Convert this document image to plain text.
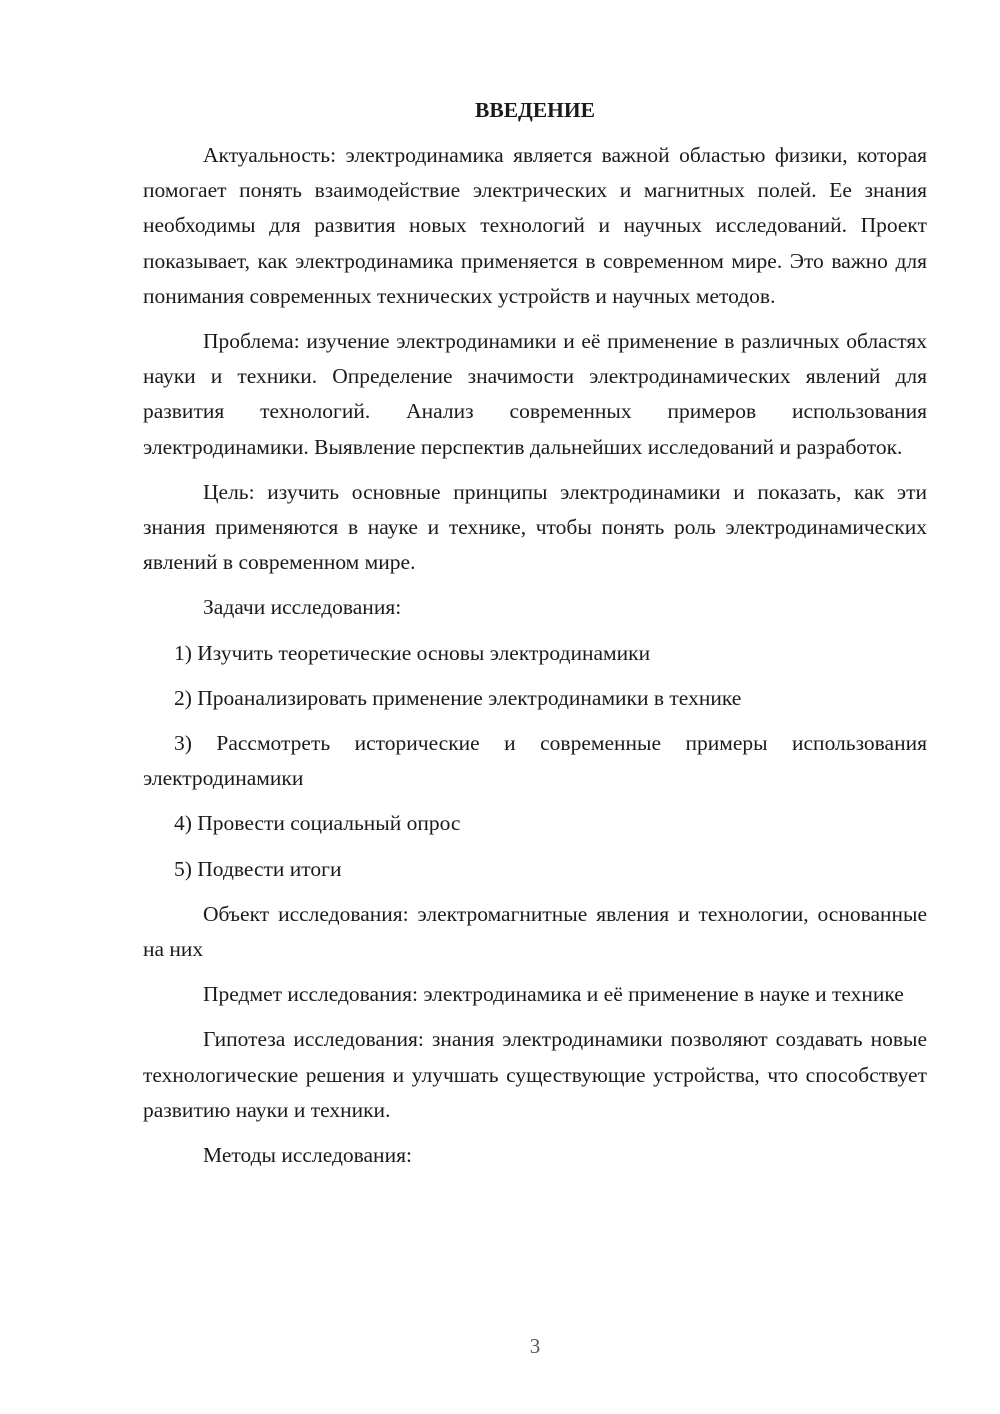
ВВЕДЕНИЕ

Актуальность: электродинамика является важной областью физики, которая помогает понять взаимодействие электрических и магнитных полей. Ее знания необходимы для развития новых технологий и научных исследований. Проект показывает, как электродинамика применяется в современном мире. Это важно для понимания современных технических устройств и научных методов.

Проблема: изучение электродинамики и её применение в различных областях науки и техники. Определение значимости электродинамических явлений для развития технологий. Анализ современных примеров использования электродинамики. Выявление перспектив дальнейших исследований и разработок.

Цель: изучить основные принципы электродинамики и показать, как эти знания применяются в науке и технике, чтобы понять роль электродинамических явлений в современном мире.

Задачи исследования:

1) Изучить теоретические основы электродинамики

2) Проанализировать применение электродинамики в технике

3) Рассмотреть исторические и современные примеры использования электродинамики

4) Провести социальный опрос

5) Подвести итоги

Объект исследования: электромагнитные явления и технологии, основанные на них

Предмет исследования: электродинамика и её применение в науке и технике

Гипотеза исследования: знания электродинамики позволяют создавать новые технологические решения и улучшать существующие устройства, что способствует развитию науки и техники.

Методы исследования:

3
